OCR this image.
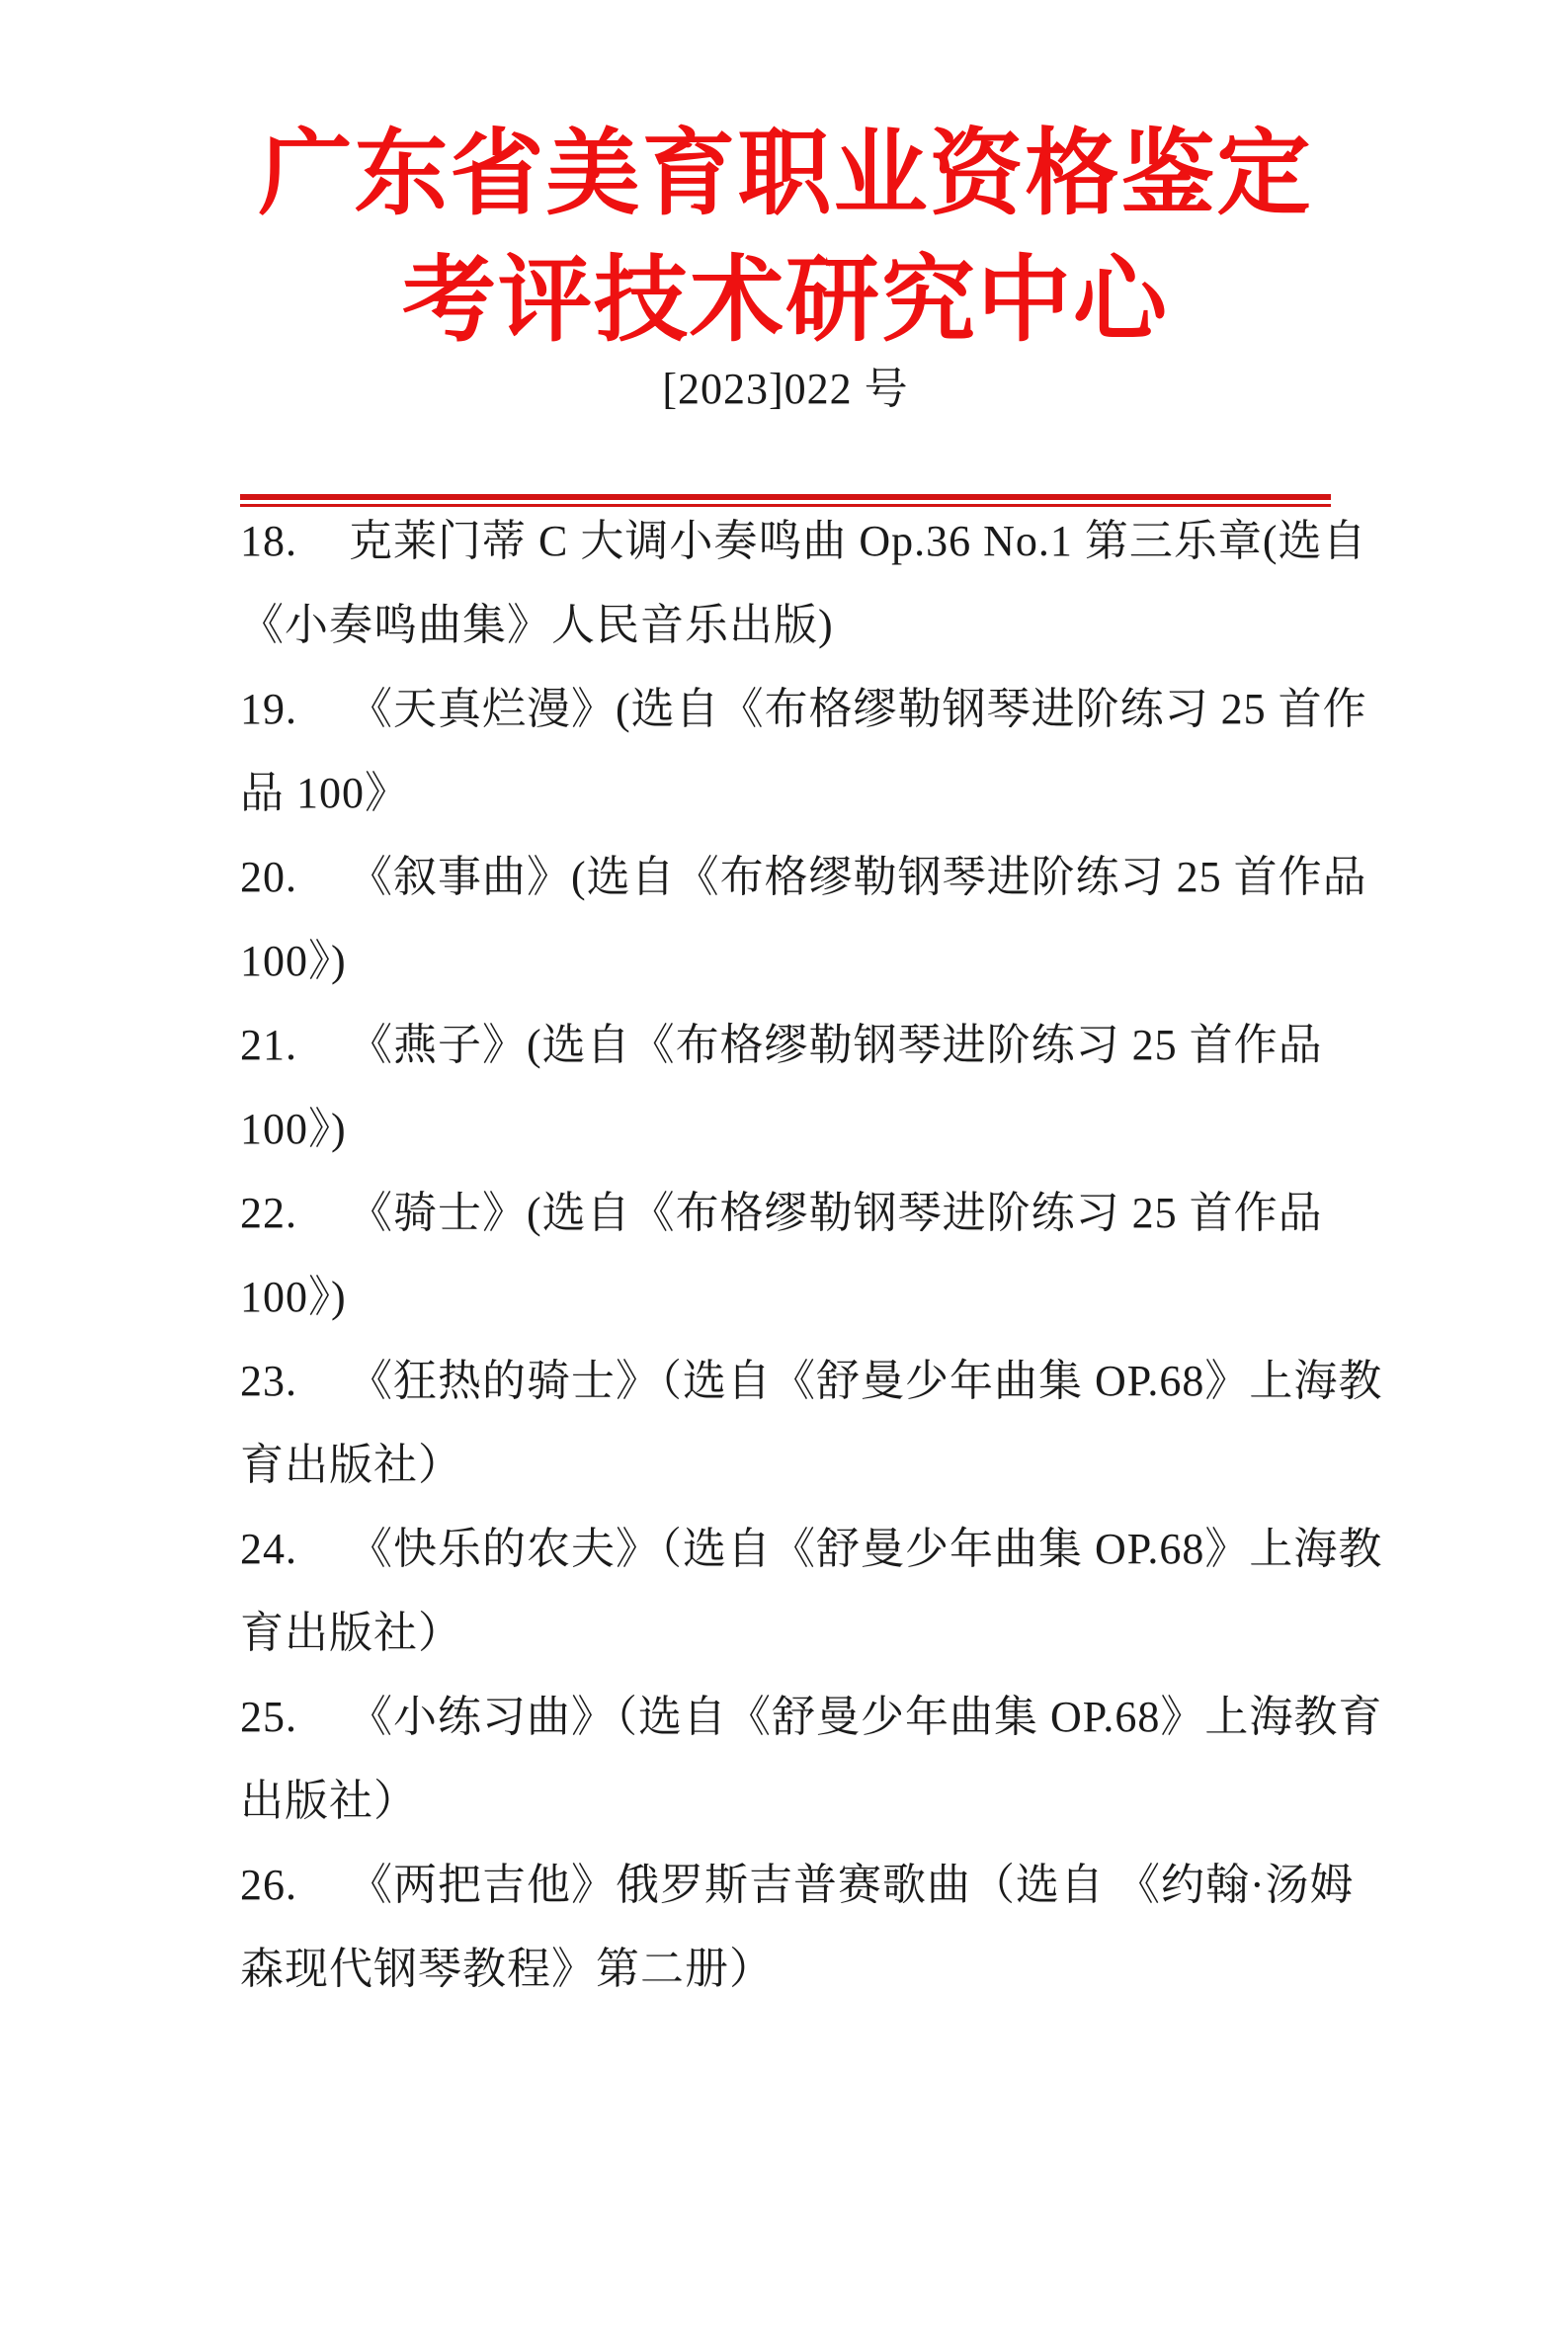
广东省美育职业资格鉴定
考评技术研究中心
[2023]022 号
18. 克莱门蒂 C 大调小奏鸣曲 Op.36 No.1 第三乐章(选自
《小奏鸣曲集》人民音乐出版)
19. 《天真烂漫》(选自《布格缪勒钢琴进阶练习 25 首作
品 100》
20. 《叙事曲》(选自《布格缪勒钢琴进阶练习 25 首作品
100》)
21. 《燕子》(选自《布格缪勒钢琴进阶练习 25 首作品
100》)
22. 《骑士》(选自《布格缪勒钢琴进阶练习 25 首作品
100》)
23. 《狂热的骑士》（选自《舒曼少年曲集 OP.68》上海教
育出版社）
24. 《快乐的农夫》（选自《舒曼少年曲集 OP.68》上海教
育出版社）
25. 《小练习曲》（选自《舒曼少年曲集 OP.68》上海教育
出版社）
26. 《两把吉他》俄罗斯吉普赛歌曲（选自 《约翰·汤姆
森现代钢琴教程》第二册）
